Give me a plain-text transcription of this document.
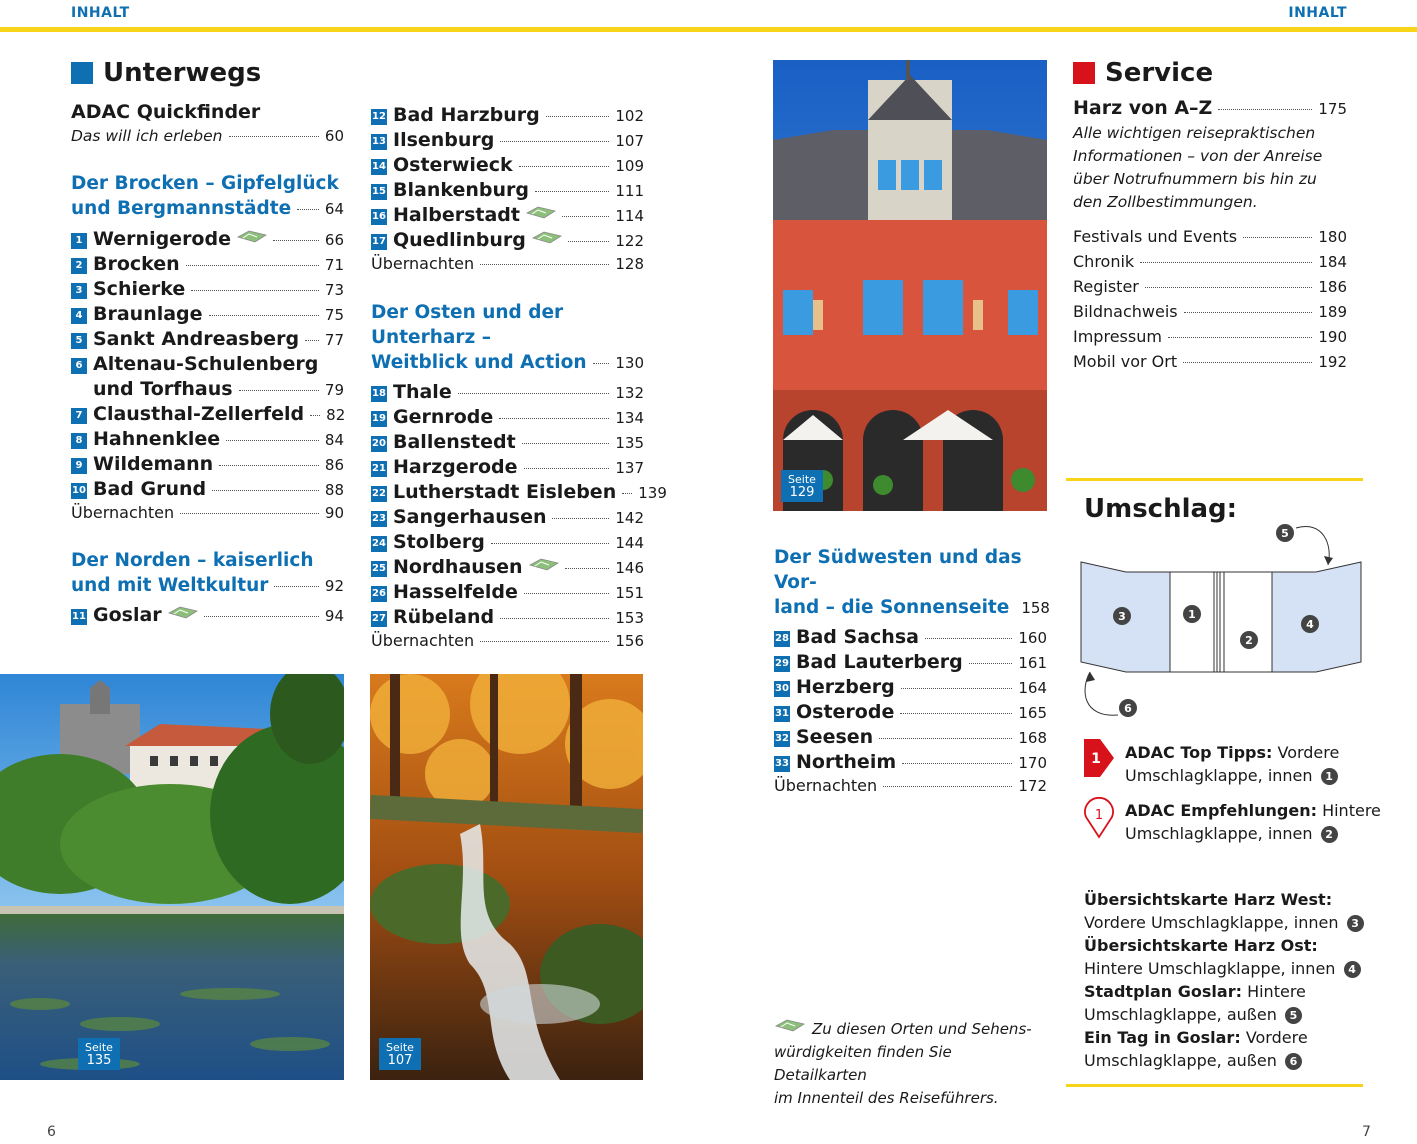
INHALT	INHALT
Unterwegs
ADAC Quickfinder
Das will ich erleben	60
Der Brocken – Gipfelglück
und Bergmannstädte 64
1 Wernigerode	66
2 Brocken	71
3 Schierke	73
4 Braunlage	75
5 Sankt Andreasberg 77
6 Altenau-Schulenberg
und Torfhaus	79
7 Clausthal-Zellerfeld 82
8 Hahnenklee	84
9 Wildemann	86
10 Bad Grund	88
Übernachten	90
Der Norden – kaiserlich
und mit Weltkultur	92
11 Goslar	94
12 Bad Harzburg	102
13 Ilsenburg	107
14 Osterwieck	109
15 Blankenburg	111
16 Halberstadt	114
17 Quedlinburg	122
Übernachten	128
Der Osten und der Unterharz –
Weitblick und Action 130
18 Thale	132
19 Gernrode	134
20 Ballenstedt	135
21 Harzgerode	137
22 Lutherstadt Eisleben 139
23 Sangerhausen	142
24 Stolberg	144
25 Nordhausen	146
26 Hasselfelde	151
27 Rübeland	153
Übernachten	156
Seite
135
Seite
107
Seite
129
Der Südwesten und das Vor-
land – die Sonnenseite 158
28 Bad Sachsa	160
29 Bad Lauterberg	161
30 Herzberg	164
31 Osterode	165
32 Seesen	168
33 Northeim	170
Übernachten	172
Zu diesen Orten und Sehens-
würdigkeiten finden Sie Detailkarten
im Innenteil des Reiseführers.
Service
Harz von A–Z	175
Alle wichtigen reisepraktischen
Informationen – von der Anreise
über Notrufnummern bis hin zu
den Zollbestimmungen.
Festivals und Events	180
Chronik	184
Register	186
Bildnachweis	189
Impressum	190
Mobil vor Ort	192
Umschlag:
3	1
2
4
5
6
1 ADAC Top Tipps: Vordere
Umschlagklappe, innen 1
1 ADAC Empfehlungen: Hintere
Umschlagklappe, innen 2
Übersichtskarte Harz West:
Vordere Umschlagklappe, innen 3
Übersichtskarte Harz Ost:
Hintere Umschlagklappe, innen 4
Stadtplan Goslar: Hintere
Umschlagklappe, außen 5
Ein Tag in Goslar: Vordere
Umschlagklappe, außen 6
6	7
